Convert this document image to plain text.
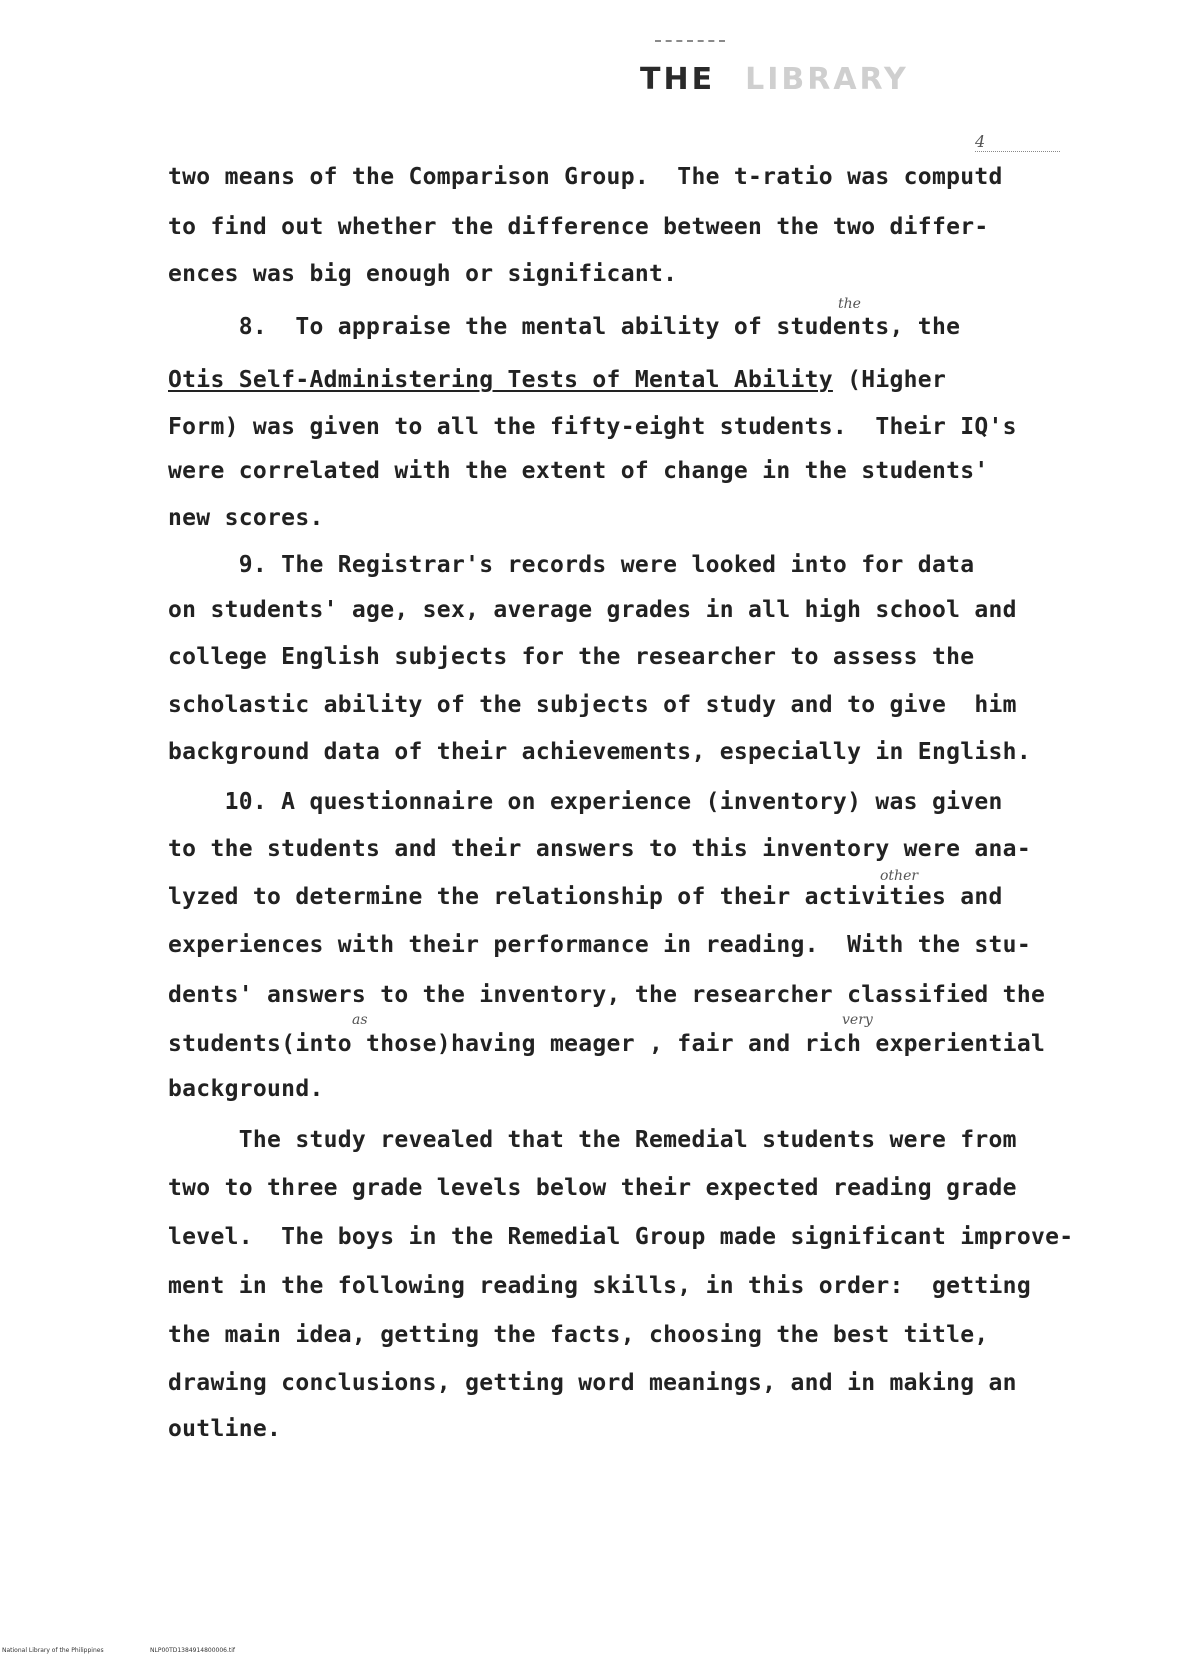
THE LIBRARY
4
two means of the Comparison Group.  The t-ratio was computd
to find out whether the difference between the two differ-
ences was big enough or significant.
8.  To appraise the mental ability of students, the
Otis Self-Administering Tests of Mental Ability (Higher
Form) was given to all the fifty-eight students.  Their IQ's
were correlated with the extent of change in the students'
new scores.
9. The Registrar's records were looked into for data
on students' age, sex, average grades in all high school and
college English subjects for the researcher to assess the
scholastic ability of the subjects of study and to give  him
background data of their achievements, especially in English.
10. A questionnaire on experience (inventory) was given
to the students and their answers to this inventory were ana-
lyzed to determine the relationship of their activities and
experiences with their performance in reading.  With the stu-
dents' answers to the inventory, the researcher classified the
students(into those)having meager , fair and rich experiential
background.
The study revealed that the Remedial students were from
two to three grade levels below their expected reading grade
level.  The boys in the Remedial Group made significant improve-
ment in the following reading skills, in this order:  getting
the main idea, getting the facts, choosing the best title,
drawing conclusions, getting word meanings, and in making an
outline.
the
other
as	very
National Library of the Philippines	NLP00TD1384914800006.tif
